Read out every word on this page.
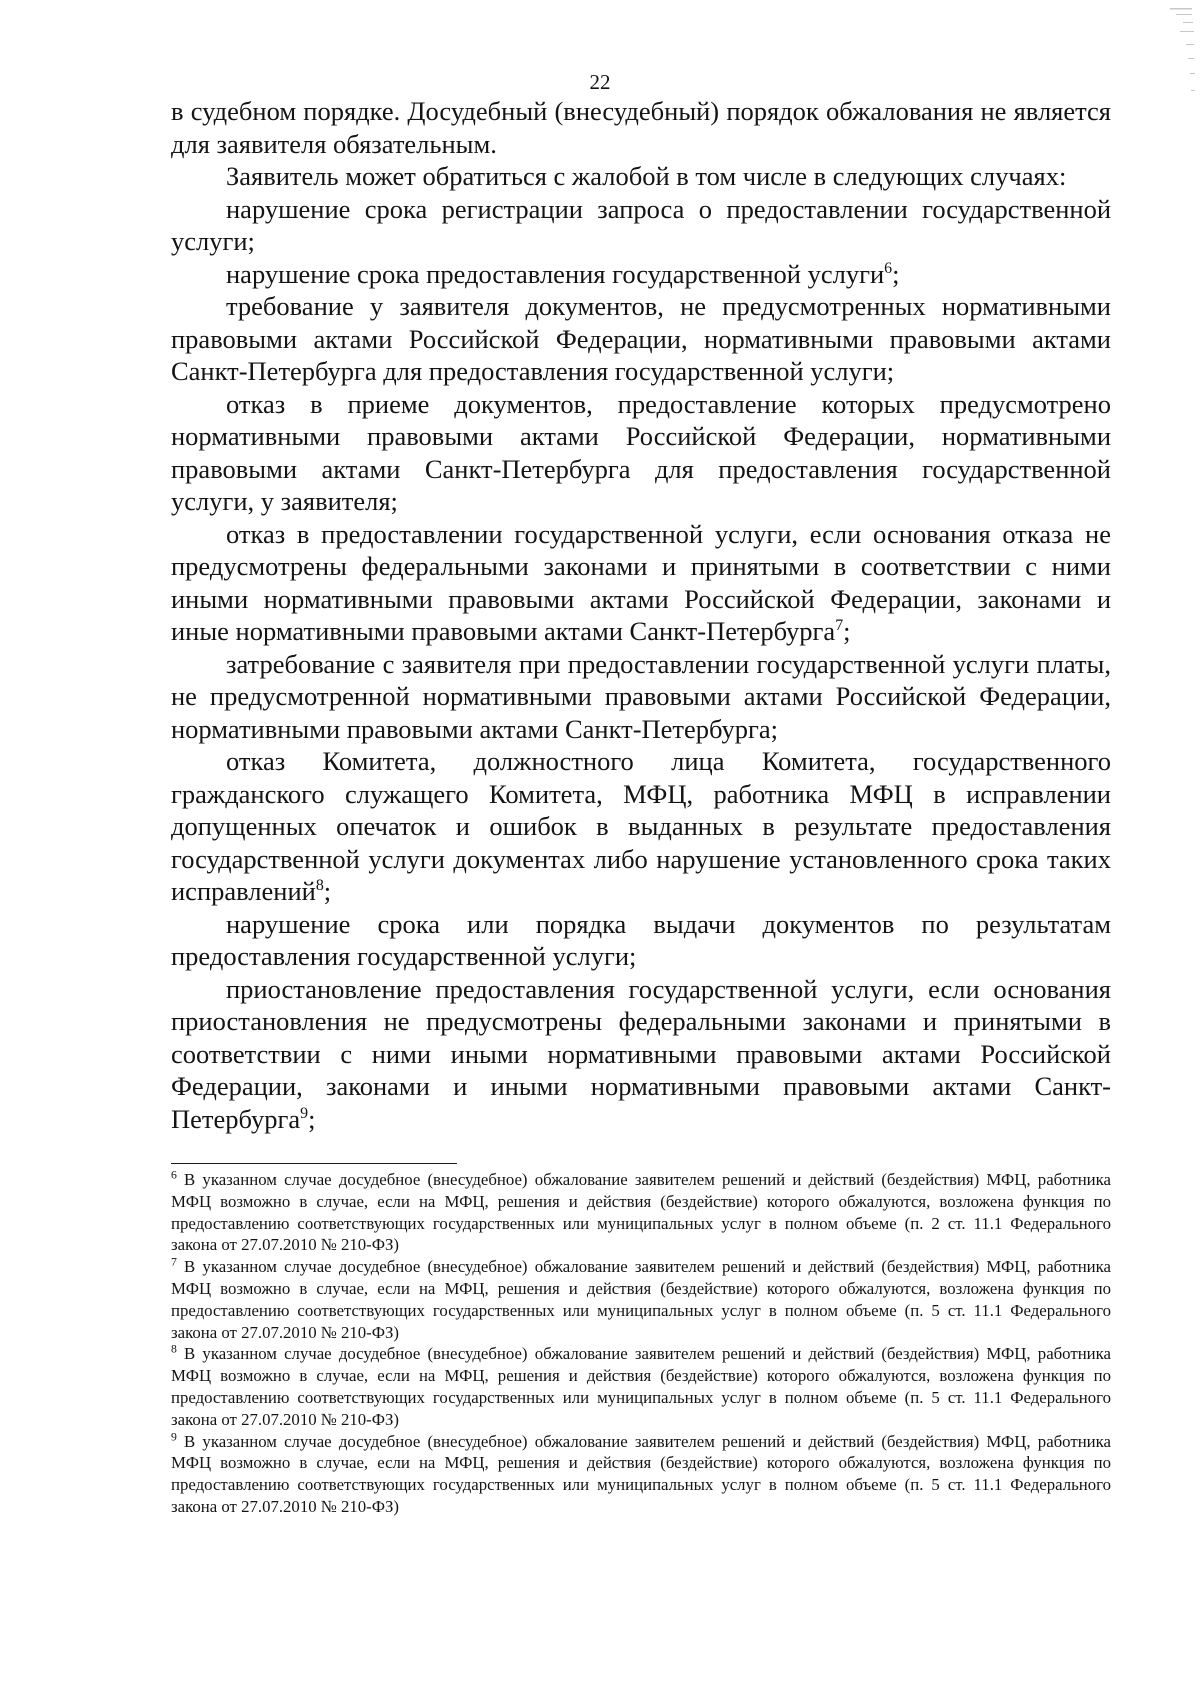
22

в судебном порядке. Досудебный (внесудебный) порядок обжалования не является для заявителя обязательным.

Заявитель может обратиться с жалобой в том числе в следующих случаях:

нарушение срока регистрации запроса о предоставлении государственной услуги;

нарушение срока предоставления государственной услуги$^6$;

требование у заявителя документов, не предусмотренных нормативными правовыми актами Российской Федерации, нормативными правовыми актами Санкт-Петербурга для предоставления государственной услуги;

отказ в приеме документов, предоставление которых предусмотрено нормативными правовыми актами Российской Федерации, нормативными правовыми актами Санкт-Петербурга для предоставления государственной услуги, у заявителя;

отказ в предоставлении государственной услуги, если основания отказа не предусмотрены федеральными законами и принятыми в соответствии с ними иными нормативными правовыми актами Российской Федерации, законами и иные нормативными правовыми актами Санкт-Петербурга$^7$;

затребование с заявителя при предоставлении государственной услуги платы, не предусмотренной нормативными правовыми актами Российской Федерации, нормативными правовыми актами Санкт-Петербурга;

отказ Комитета, должностного лица Комитета, государственного гражданского служащего Комитета, МФЦ, работника МФЦ в исправлении допущенных опечаток и ошибок в выданных в результате предоставления государственной услуги документах либо нарушение установленного срока таких исправлений$^8$;

нарушение срока или порядка выдачи документов по результатам предоставления государственной услуги;

приостановление предоставления государственной услуги, если основания приостановления не предусмотрены федеральными законами и принятыми в соответствии с ними иными нормативными правовыми актами Российской Федерации, законами и иными нормативными правовыми актами Санкт-Петербурга$^9$;

$^6$ В указанном случае досудебное (внесудебное) обжалование заявителем решений и действий (бездействия) МФЦ, работника МФЦ возможно в случае, если на МФЦ, решения и действия (бездействие) которого обжалуются, возложена функция по предоставлению соответствующих государственных или муниципальных услуг в полном объеме (п. 2 ст. 11.1 Федерального закона от 27.07.2010 № 210-ФЗ)

$^7$ В указанном случае досудебное (внесудебное) обжалование заявителем решений и действий (бездействия) МФЦ, работника МФЦ возможно в случае, если на МФЦ, решения и действия (бездействие) которого обжалуются, возложена функция по предоставлению соответствующих государственных или муниципальных услуг в полном объеме (п. 5 ст. 11.1 Федерального закона от 27.07.2010 № 210-ФЗ)

$^8$ В указанном случае досудебное (внесудебное) обжалование заявителем решений и действий (бездействия) МФЦ, работника МФЦ возможно в случае, если на МФЦ, решения и действия (бездействие) которого обжалуются, возложена функция по предоставлению соответствующих государственных или муниципальных услуг в полном объеме (п. 5 ст. 11.1 Федерального закона от 27.07.2010 № 210-ФЗ)

$^9$ В указанном случае досудебное (внесудебное) обжалование заявителем решений и действий (бездействия) МФЦ, работника МФЦ возможно в случае, если на МФЦ, решения и действия (бездействие) которого обжалуются, возложена функция по предоставлению соответствующих государственных или муниципальных услуг в полном объеме (п. 5 ст. 11.1 Федерального закона от 27.07.2010 № 210-ФЗ)
